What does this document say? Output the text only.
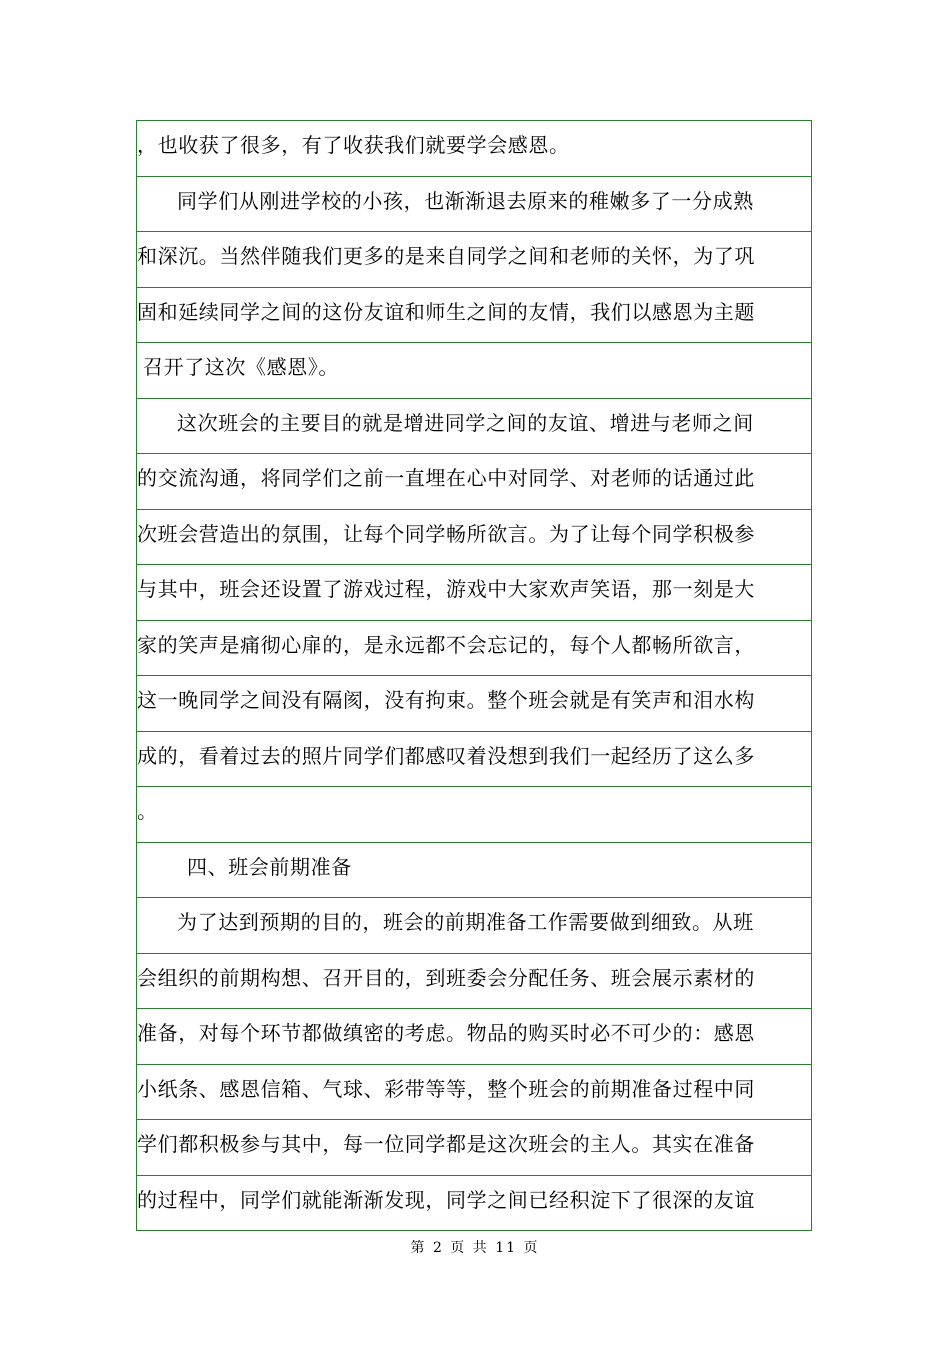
，也收获了很多，有了收获我们就要学会感恩。
同学们从刚进学校的小孩，也渐渐退去原来的稚嫩多了一分成熟
和深沉。当然伴随我们更多的是来自同学之间和老师的关怀，为了巩
固和延续同学之间的这份友谊和师生之间的友情，我们以感恩为主题
召开了这次《感恩》。
这次班会的主要目的就是增进同学之间的友谊、增进与老师之间
的交流沟通，将同学们之前一直埋在心中对同学、对老师的话通过此
次班会营造出的氛围，让每个同学畅所欲言。为了让每个同学积极参
与其中，班会还设置了游戏过程，游戏中大家欢声笑语，那一刻是大
家的笑声是痛彻心扉的，是永远都不会忘记的，每个人都畅所欲言，
这一晚同学之间没有隔阂，没有拘束。整个班会就是有笑声和泪水构
成的，看着过去的照片同学们都感叹着没想到我们一起经历了这么多
。
四、班会前期准备
为了达到预期的目的，班会的前期准备工作需要做到细致。从班
会组织的前期构想、召开目的，到班委会分配任务、班会展示素材的
准备，对每个环节都做缜密的考虑。物品的购买时必不可少的：感恩
小纸条、感恩信箱、气球、彩带等等，整个班会的前期准备过程中同
学们都积极参与其中，每一位同学都是这次班会的主人。其实在准备
的过程中，同学们就能渐渐发现，同学之间已经积淀下了很深的友谊
第 2 页 共 11 页
